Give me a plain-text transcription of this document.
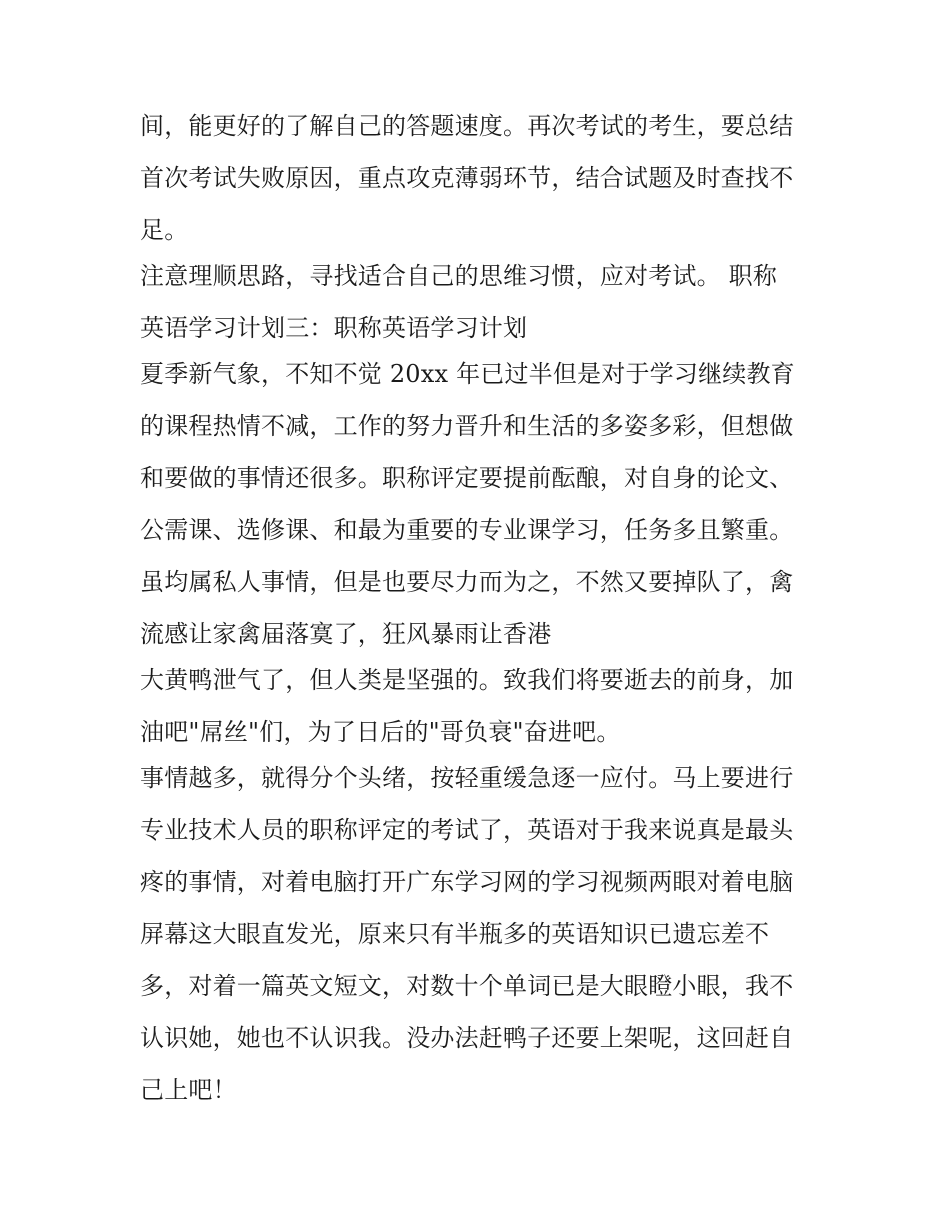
间，能更好的了解自己的答题速度。再次考试的考生，要总结
首次考试失败原因，重点攻克薄弱环节，结合试题及时查找不
足。
注意理顺思路，寻找适合自己的思维习惯，应对考试。 职称
英语学习计划三：职称英语学习计划
夏季新气象，不知不觉 20xx 年已过半但是对于学习继续教育
的课程热情不减，工作的努力晋升和生活的多姿多彩，但想做
和要做的事情还很多。职称评定要提前酝酿，对自身的论文、
公需课、选修课、和最为重要的专业课学习，任务多且繁重。
虽均属私人事情，但是也要尽力而为之，不然又要掉队了，禽
流感让家禽届落寞了，狂风暴雨让香港
大黄鸭泄气了，但人类是坚强的。致我们将要逝去的前身，加
油吧"屌丝"们，为了日后的"哥负衰"奋进吧。
事情越多，就得分个头绪，按轻重缓急逐一应付。马上要进行
专业技术人员的职称评定的考试了，英语对于我来说真是最头
疼的事情，对着电脑打开广东学习网的学习视频两眼对着电脑
屏幕这大眼直发光，原来只有半瓶多的英语知识已遗忘差不
多，对着一篇英文短文，对数十个单词已是大眼瞪小眼，我不
认识她，她也不认识我。没办法赶鸭子还要上架呢，这回赶自
己上吧！
